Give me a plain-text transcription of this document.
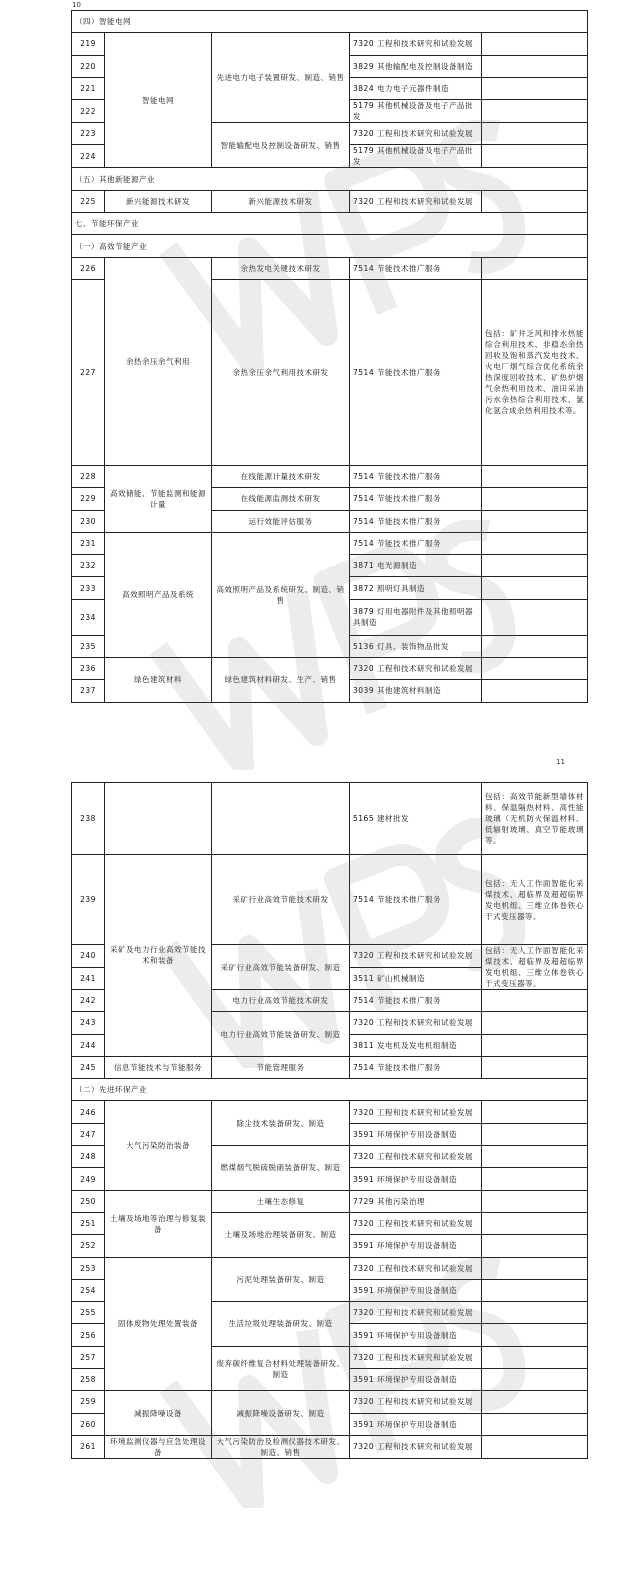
10
（四）智能电网				
219	智能电网	先进电力电子装置研发、制造、销售	7320 工程和技术研究和试验发展	
220			3829 其他输配电及控制设备制造	
221			3824 电力电子元器件制造	
222			5179 其他机械设备及电子产品批发	
223		智能输配电及控制设备研发、销售	7320 工程和技术研究和试验发展	
224			5179 其他机械设备及电子产品批发	
（五）其他新能源产业				
225	新兴能源技术研发	新兴能源技术研发	7320 工程和技术研究和试验发展	
七、节能环保产业				
（一）高效节能产业				
226	余热余压余气利用	余热发电关键技术研发	7514 节能技术推广服务	
227		余热余压余气利用技术研发	7514 节能技术推广服务	包括：矿井乏风和排水热能综合利用技术、非稳态余热回收及饱和蒸汽发电技术、火电厂烟气综合优化系统余热深度回收技术、矿热炉烟气余热利用技术、油田采油污水余热综合利用技术、氯化氢合成余热利用技术等。
228	高效储能、节能监测和能源计量	在线能源计量技术研发	7514 节能技术推广服务	
229		在线能源监测技术研发	7514 节能技术推广服务	
230		运行效能评估服务	7514 节能技术推广服务	
231	高效照明产品及系统	高效照明产品及系统研发、制造、销售	7514 节能技术推广服务	
232			3871 电光源制造	
233			3872 照明灯具制造	
234			3879 灯用电器附件及其他照明器具制造	
235			5136 灯具、装饰物品批发	
236	绿色建筑材料	绿色建筑材料研发、生产、销售	7320 工程和技术研究和试验发展	
237			3039 其他建筑材料制造	
11
238			5165 建材批发	包括：高效节能新型墙体材料、保温隔热材料、高性能玻璃（无机防火保温材料、低辐射玻璃、真空节能玻璃等。
239	采矿及电力行业高效节能技术和装备	采矿行业高效节能技术研发	7514 节能技术推广服务	包括：无人工作面智能化采煤技术、超临界及超超临界发电机组、三维立体卷铁心干式变压器等。
240		采矿行业高效节能装备研发、制造	7320 工程和技术研究和试验发展	包括：无人工作面智能化采煤技术、超临界及超超临界发电机组、三维立体卷铁心干式变压器等。
241			3511 矿山机械制造	
242		电力行业高效节能技术研发	7514 节能技术推广服务	
243		电力行业高效节能装备研发、制造	7320 工程和技术研究和试验发展	
244			3811 发电机及发电机组制造	
245	信息节能技术与节能服务	节能管理服务	7514 节能技术推广服务	
（二）先进环保产业				
246	大气污染防治装备	除尘技术装备研发、制造	7320 工程和技术研究和试验发展	
247			3591 环境保护专用设备制造	
248		燃煤烟气脱硫脱硝装备研发、制造	7320 工程和技术研究和试验发展	
249			3591 环境保护专用设备制造	
250	土壤及场地等治理与修复装备	土壤生态修复	7729 其他污染治理	
251		土壤及场地治理装备研发、制造	7320 工程和技术研究和试验发展	
252			3591 环境保护专用设备制造	
253	固体废物处理处置装备	污泥处理装备研发、制造	7320 工程和技术研究和试验发展	
254			3591 环境保护专用设备制造	
255		生活垃圾处理装备研发、制造	7320 工程和技术研究和试验发展	
256			3591 环境保护专用设备制造	
257		废弃碳纤维复合材料处理装备研发、制造	7320 工程和技术研究和试验发展	
258			3591 环境保护专用设备制造	
259	减振降噪设备	减振降噪设备研发、制造	7320 工程和技术研究和试验发展	
260			3591 环境保护专用设备制造	
261	环境监测仪器与应急处理设备	大气污染防治及检测仪器技术研发、制造、销售	7320 工程和技术研究和试验发展	
